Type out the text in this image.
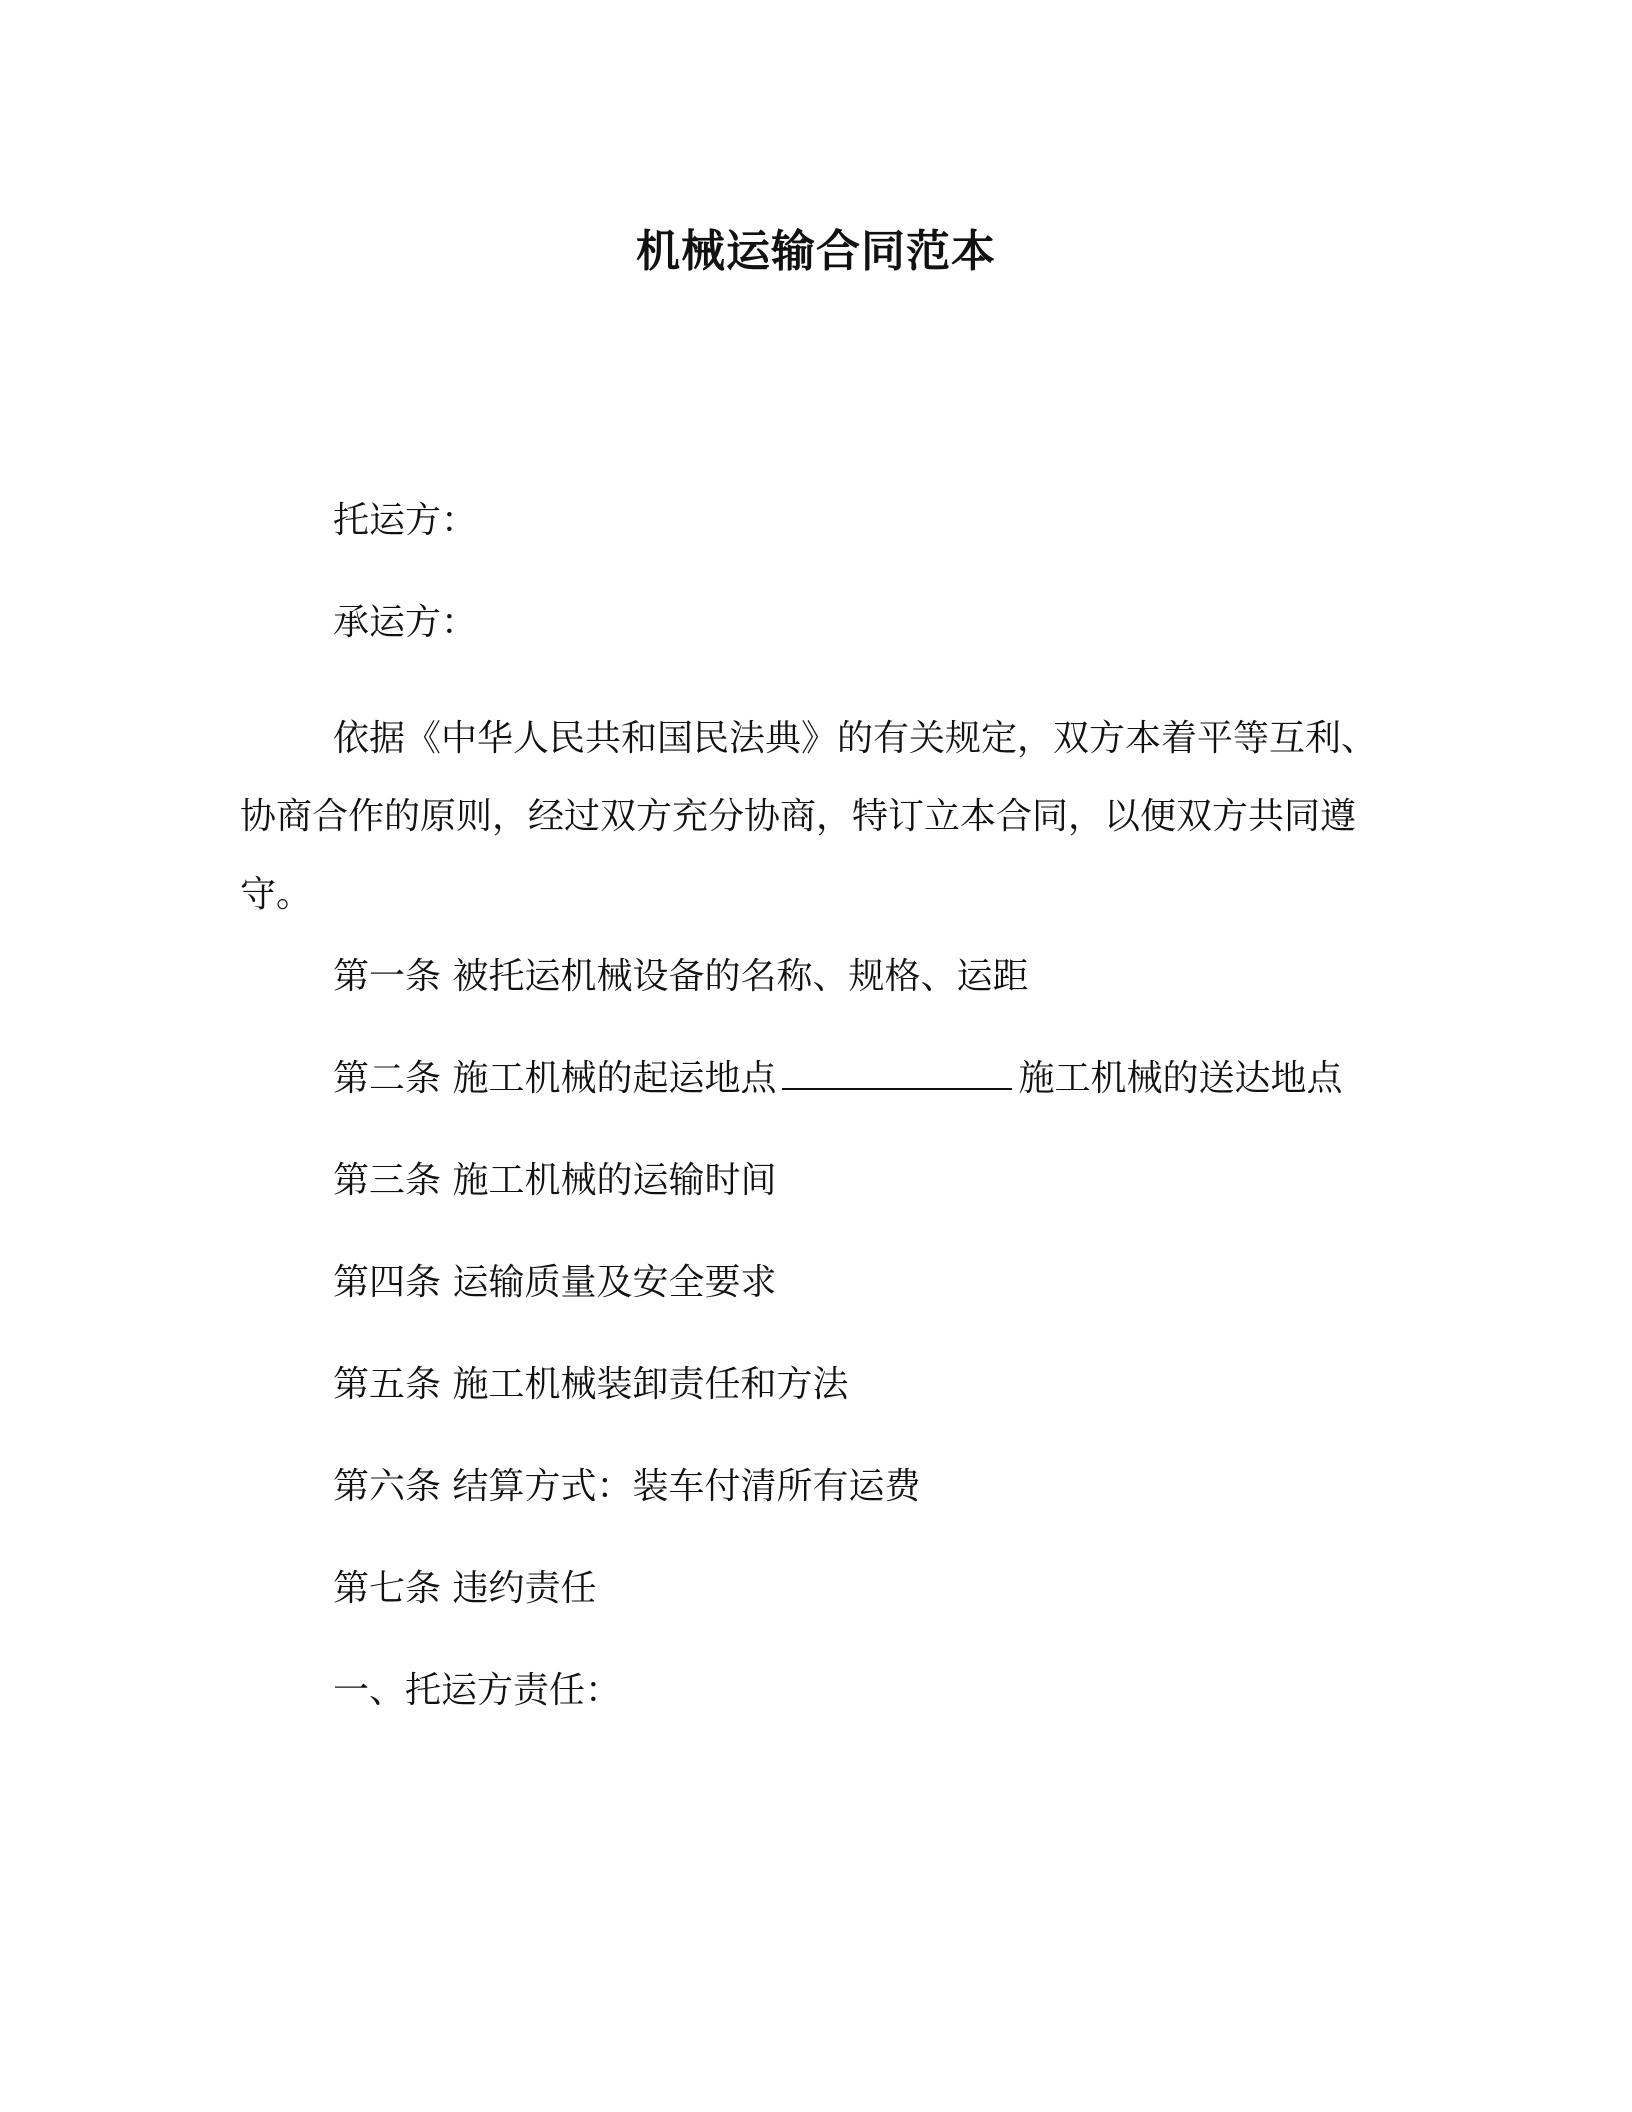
机械运输合同范本
托运方：
承运方：
依据《中华人民共和国民法典》的有关规定，双方本着平等互利、协商合作的原则，经过双方充分协商，特订立本合同，以便双方共同遵守。
第一条 被托运机械设备的名称、规格、运距
第二条 施工机械的起运地点	施工机械的送达地点
第三条 施工机械的运输时间
第四条 运输质量及安全要求
第五条 施工机械装卸责任和方法
第六条 结算方式：装车付清所有运费
第七条 违约责任
一、托运方责任：
